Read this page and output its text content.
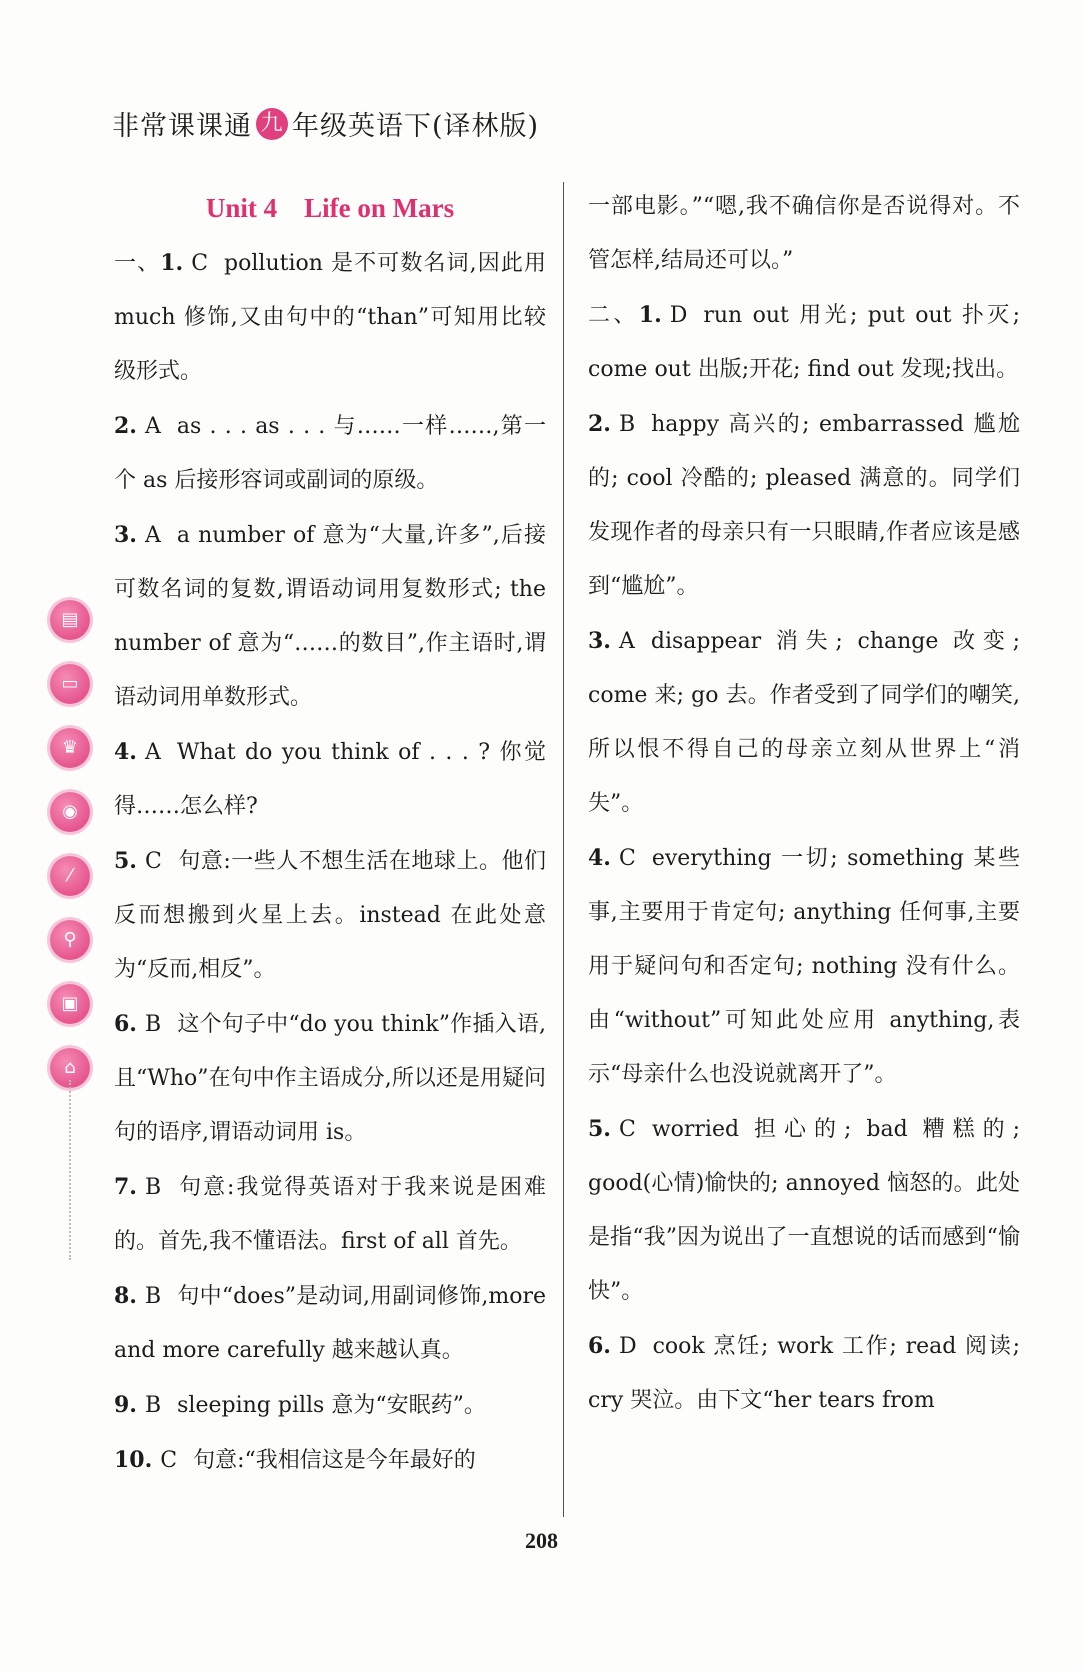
非常课课通 九 年级英语下(译林版)
▤
▭
♛
◉
⁄
⚲
▣
⌂
Unit 4　Life on Mars

一、1. C pollution 是不可数名词,因此用 much 修饰,又由句中的“than”可知用比较级形式。

2. A as . . . as . . . 与……一样……,第一个 as 后接形容词或副词的原级。

3. A a number of 意为“大量,许多”,后接可数名词的复数,谓语动词用复数形式; the number of 意为“……的数目”,作主语时,谓语动词用单数形式。

4. A What do you think of . . . ? 你觉得……怎么样?

5. C 句意:一些人不想生活在地球上。他们反而想搬到火星上去。instead 在此处意为“反而,相反”。

6. B 这个句子中“do you think”作插入语,且“Who”在句中作主语成分,所以还是用疑问句的语序,谓语动词用 is。

7. B 句意:我觉得英语对于我来说是困难的。首先,我不懂语法。first of all 首先。

8. B 句中“does”是动词,用副词修饰,more and more carefully 越来越认真。

9. B sleeping pills 意为“安眠药”。

10. C 句意:“我相信这是今年最好的

一部电影。”“嗯,我不确信你是否说得对。不管怎样,结局还可以。”

二、1. D run out 用光; put out 扑灭; come out 出版;开花; find out 发现;找出。

2. B happy 高兴的; embarrassed 尴尬的; cool 冷酷的; pleased 满意的。同学们发现作者的母亲只有一只眼睛,作者应该是感到“尴尬”。

3. A disappear 消失; change 改变; come 来; go 去。作者受到了同学们的嘲笑,所以恨不得自己的母亲立刻从世界上“消失”。

4. C everything 一切; something 某些事,主要用于肯定句; anything 任何事,主要用于疑问句和否定句; nothing 没有什么。由“without”可知此处应用 anything,表示“母亲什么也没说就离开了”。

5. C worried 担心的; bad 糟糕的; good(心情)愉快的; annoyed 恼怒的。此处是指“我”因为说出了一直想说的话而感到“愉快”。

6. D cook 烹饪; work 工作; read 阅读; cry 哭泣。由下文“her tears from

208
